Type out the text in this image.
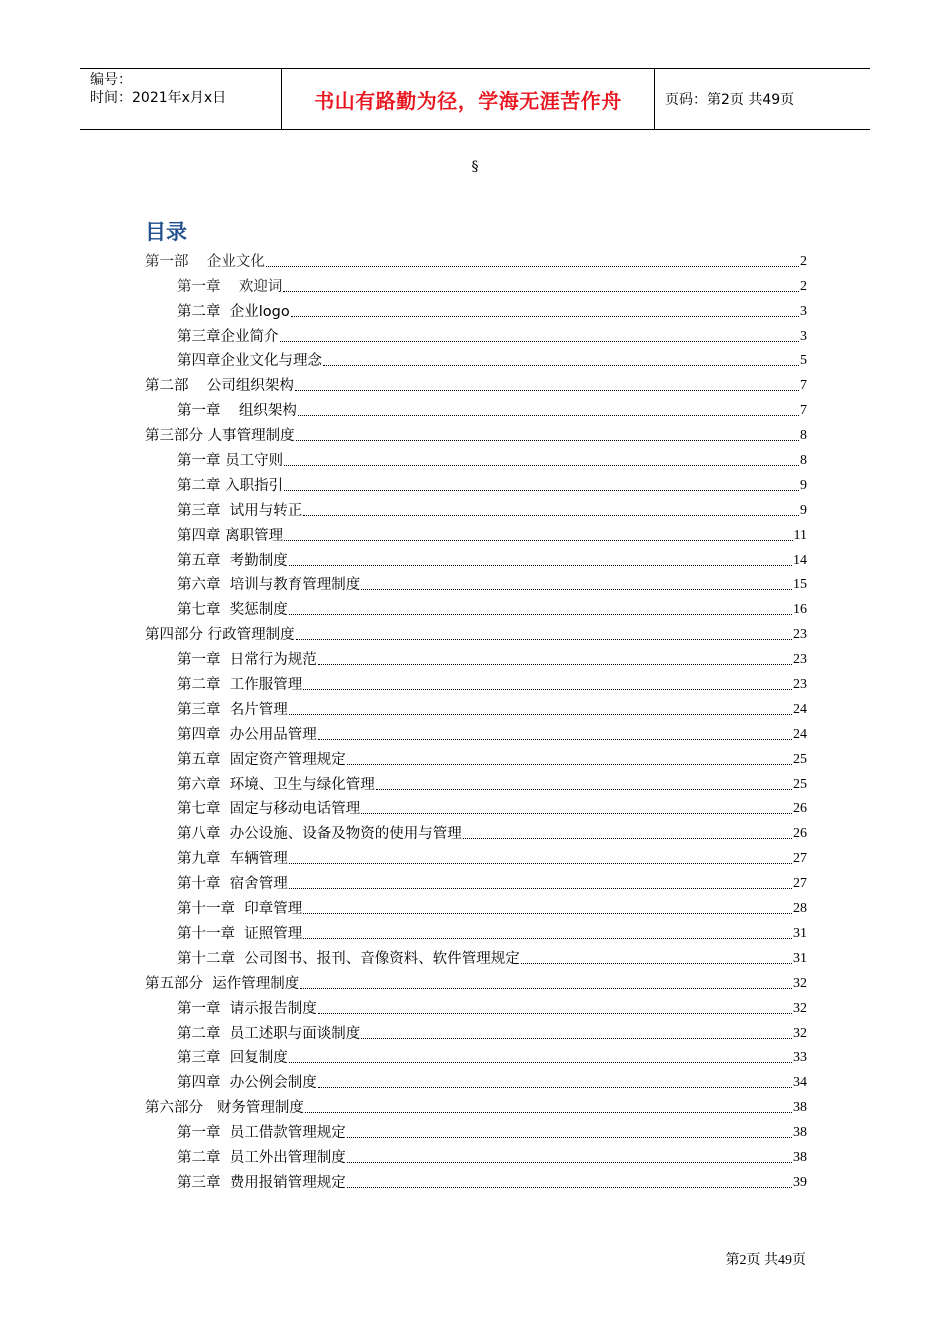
编号：
时间：2021年x月x日	书山有路勤为径，学海无涯苦作舟	页码：第2页 共49页
§
目录
第一部    企业文化	2
第一章    欢迎词	2
第二章  企业logo	3
第三章企业简介	3
第四章企业文化与理念	5
第二部    公司组织架构	7
第一章    组织架构	7
第三部分 人事管理制度	8
第一章 员工守则	8
第二章 入职指引	9
第三章  试用与转正	9
第四章 离职管理	11
第五章  考勤制度	14
第六章  培训与教育管理制度	15
第七章  奖惩制度	16
第四部分 行政管理制度	23
第一章  日常行为规范	23
第二章  工作服管理	23
第三章  名片管理	24
第四章  办公用品管理	24
第五章  固定资产管理规定	25
第六章  环境、卫生与绿化管理	25
第七章  固定与移动电话管理	26
第八章  办公设施、设备及物资的使用与管理	26
第九章  车辆管理	27
第十章  宿舍管理	27
第十一章  印章管理	28
第十一章  证照管理	31
第十二章  公司图书、报刊、音像资料、软件管理规定	31
第五部分  运作管理制度	32
第一章  请示报告制度	32
第二章  员工述职与面谈制度	32
第三章  回复制度	33
第四章  办公例会制度	34
第六部分   财务管理制度	38
第一章  员工借款管理规定	38
第二章  员工外出管理制度	38
第三章  费用报销管理规定	39
第2页 共49页
